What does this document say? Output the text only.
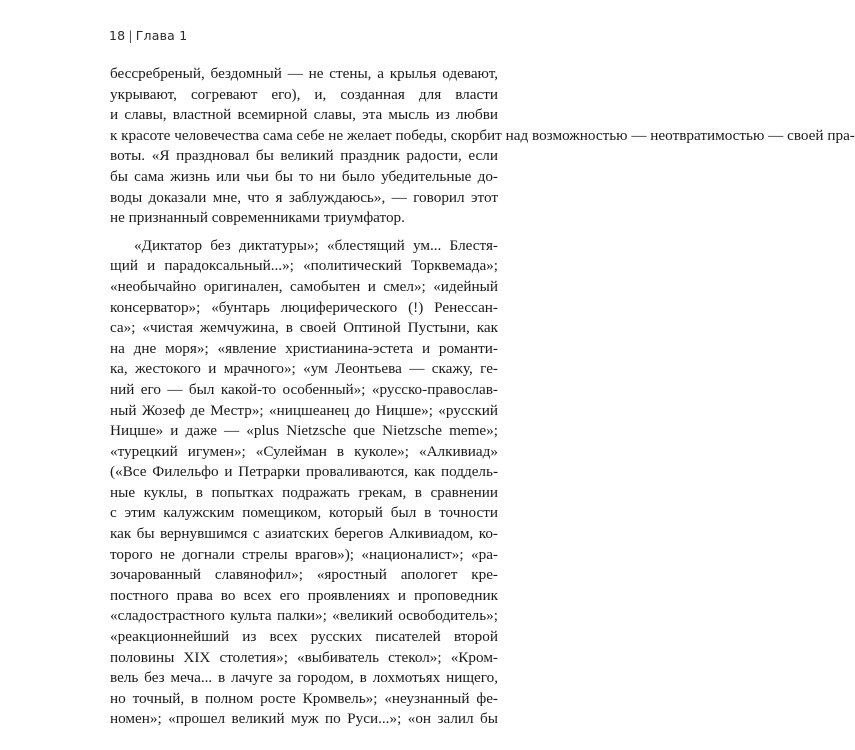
18 | Глава 1
бессребреный, бездомный — не стены, а крылья одевают,
укрывают, согревают его), и, созданная для власти
и славы, властной всемирной славы, эта мысль из любви
к красоте человечества сама себе не желает победы, скорбит над возможностью — неотвратимостью — своей пра-
воты. «Я праздновал бы великий праздник радости, если
бы сама жизнь или чьи бы то ни было убедительные до-
воды доказали мне, что я заблуждаюсь», — говорил этот
не признанный современниками триумфатор.
«Диктатор без диктатуры»; «блестящий ум... Блестя-
щий и парадоксальный...»; «политический Торквемада»;
«необычайно оригинален, самобытен и смел»; «идейный
консерватор»; «бунтарь люциферического (!) Ренессан-
са»; «чистая жемчужина, в своей Оптиной Пустыни, как
на дне моря»; «явление христианина-эстета и романти-
ка, жестокого и мрачного»; «ум Леонтьева — скажу, ге-
ний его — был какой-то особенный»; «русско-православ-
ный Жозеф де Местр»; «ницшеанец до Ницше»; «русский
Ницше» и даже — «plus Nietzsche que Nietzsche meme»;
«турецкий игумен»; «Сулейман в куколе»; «Алкивиад»
(«Все Филельфо и Петрарки проваливаются, как поддель-
ные куклы, в попытках подражать грекам, в сравнении
с этим калужским помещиком, который был в точности
как бы вернувшимся с азиатских берегов Алкивиадом, ко-
торого не догнали стрелы врагов»); «националист»; «ра-
зочарованный славянофил»; «яростный апологет кре-
постного права во всех его проявлениях и проповедник
«сладострастного культа палки»; «великий освободитель»;
«реакционнейший из всех русских писателей второй
половины XIX столетия»; «выбиватель стекол»; «Кром-
вель без меча... в лачуге за городом, в лохмотьях нищего,
но точный, в полном росте Кромвель»; «неузнанный фе-
номен»; «прошел великий муж по Руси...»; «он залил бы
